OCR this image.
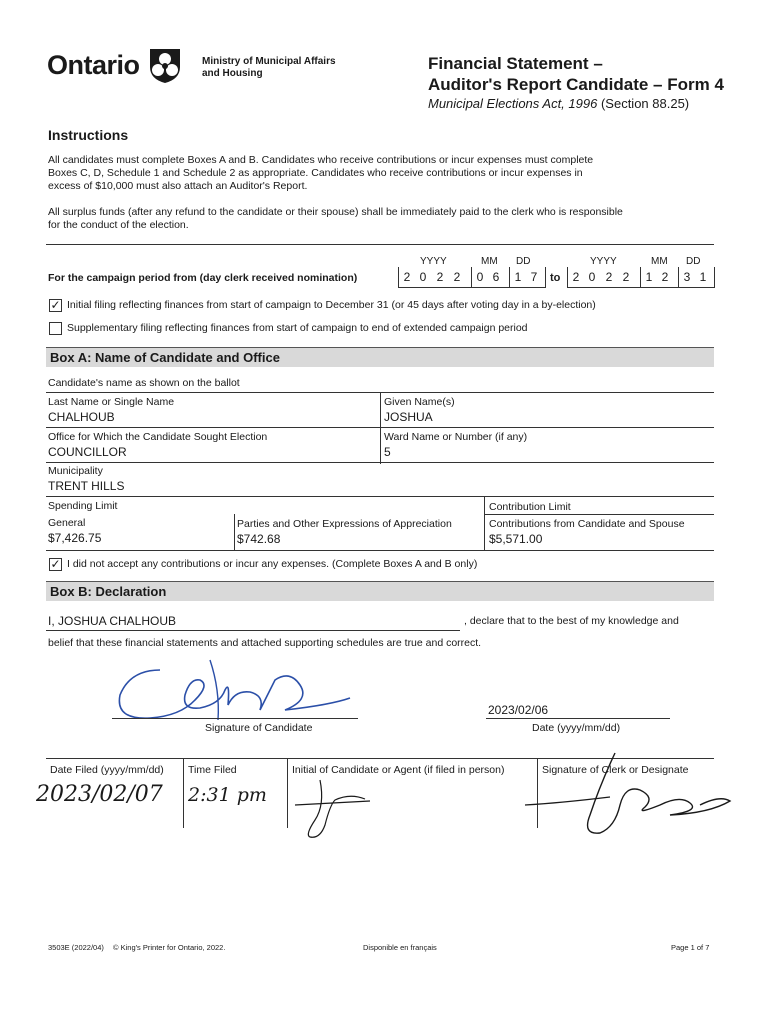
Ontario	Ministry of Municipal Affairs
and Housing
Financial Statement –
Auditor's Report Candidate – Form 4
Municipal Elections Act, 1996 (Section 88.25)
Instructions
All candidates must complete Boxes A and B. Candidates who receive contributions or incur expenses must complete
Boxes C, D, Schedule 1 and Schedule 2 as appropriate. Candidates who receive contributions or incur expenses in
excess of $10,000 must also attach an Auditor's Report.
All surplus funds (after any refund to the candidate or their spouse) shall be immediately paid to the clerk who is responsible
for the conduct of the election.
YYYY	MM DD	YYYY	MM DD
For the campaign period from (day clerk received nomination)	2 0 2 2	0 6	1 7	to	2 0 2 2	1 2	3 1
✓ Initial filing reflecting finances from start of campaign to December 31 (or 45 days after voting day in a by-election)
Supplementary filing reflecting finances from start of campaign to end of extended campaign period
Box A: Name of Candidate and Office
Candidate's name as shown on the ballot
Last Name or Single Name
CHALHOUB
Given Name(s)
JOSHUA
Office for Which the Candidate Sought Election
COUNCILLOR
Ward Name or Number (if any)
5
Municipality
TRENT HILLS
Spending Limit	Contribution Limit
General
$7,426.75
Parties and Other Expressions of Appreciation
$742.68
Contributions from Candidate and Spouse
$5,571.00
✓ I did not accept any contributions or incur any expenses. (Complete Boxes A and B only)
Box B: Declaration
I, JOSHUA CHALHOUB	, declare that to the best of my knowledge and
belief that these financial statements and attached supporting schedules are true and correct.
Signature of Candidate
2023/02/06
Date (yyyy/mm/dd)
Date Filed (yyyy/mm/dd) Time Filed	Initial of Candidate or Agent (if filed in person)	Signature of Clerk or Designate
2023/02/07 2:31 pm
3503E (2022/04) © King's Printer for Ontario, 2022.	Disponible en français	Page 1 of 7
